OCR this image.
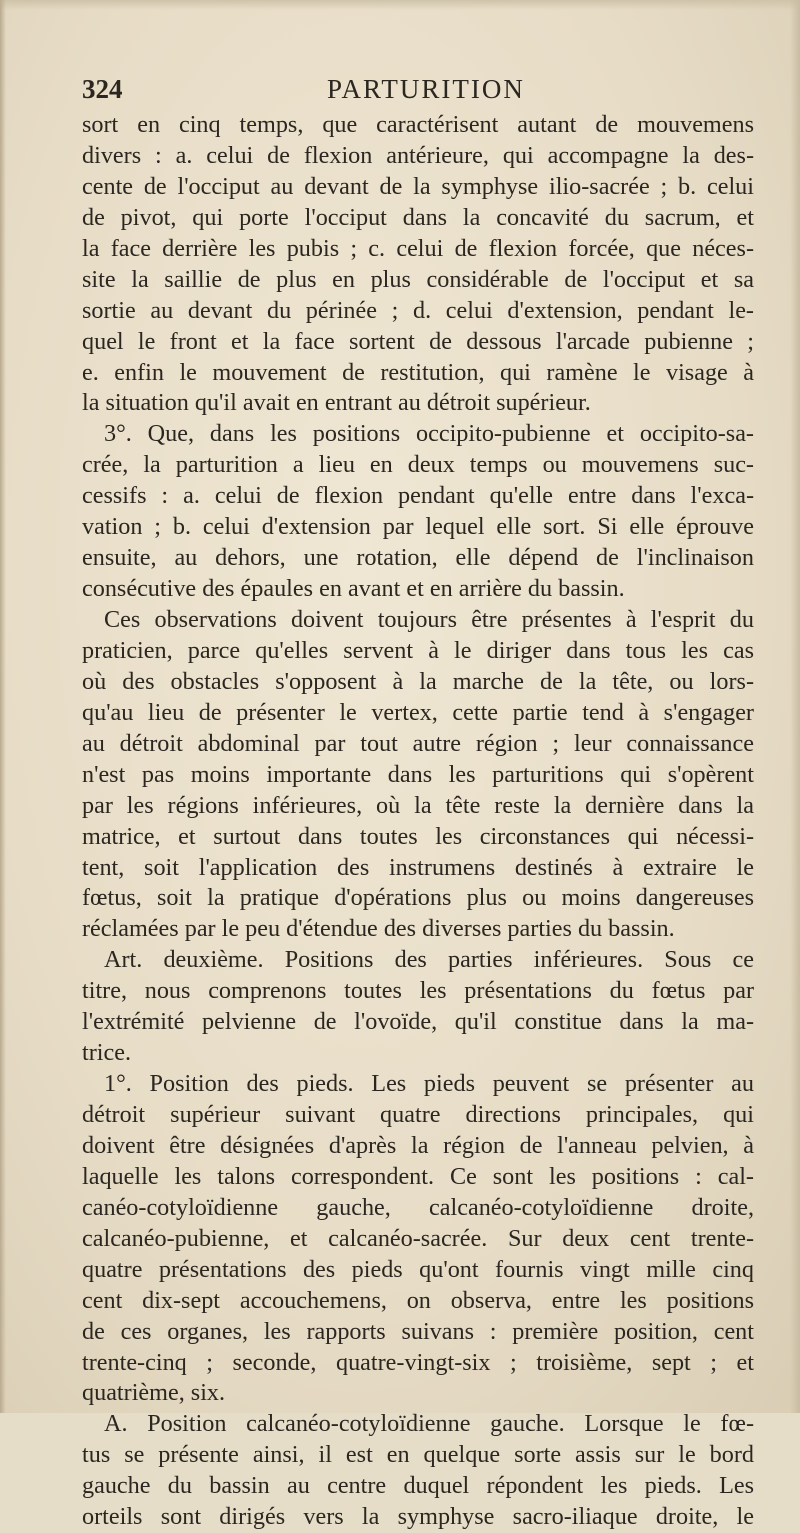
324	PARTURITION
sort en cinq temps, que caractérisent autant de mouvemens
divers : a. celui de flexion antérieure, qui accompagne la des-
cente de l'occiput au devant de la symphyse ilio-sacrée ; b. celui
de pivot, qui porte l'occiput dans la concavité du sacrum, et
la face derrière les pubis ; c. celui de flexion forcée, que néces-
site la saillie de plus en plus considérable de l'occiput et sa
sortie au devant du périnée ; d. celui d'extension, pendant le-
quel le front et la face sortent de dessous l'arcade pubienne ;
e. enfin le mouvement de restitution, qui ramène le visage à
la situation qu'il avait en entrant au détroit supérieur.
3°. Que, dans les positions occipito-pubienne et occipito-sa-
crée, la parturition a lieu en deux temps ou mouvemens suc-
cessifs : a. celui de flexion pendant qu'elle entre dans l'exca-
vation ; b. celui d'extension par lequel elle sort. Si elle éprouve
ensuite, au dehors, une rotation, elle dépend de l'inclinaison
consécutive des épaules en avant et en arrière du bassin.
Ces observations doivent toujours être présentes à l'esprit du
praticien, parce qu'elles servent à le diriger dans tous les cas
où des obstacles s'opposent à la marche de la tête, ou lors-
qu'au lieu de présenter le vertex, cette partie tend à s'engager
au détroit abdominal par tout autre région ; leur connaissance
n'est pas moins importante dans les parturitions qui s'opèrent
par les régions inférieures, où la tête reste la dernière dans la
matrice, et surtout dans toutes les circonstances qui nécessi-
tent, soit l'application des instrumens destinés à extraire le
fœtus, soit la pratique d'opérations plus ou moins dangereuses
réclamées par le peu d'étendue des diverses parties du bassin.
Art. deuxième. Positions des parties inférieures. Sous ce
titre, nous comprenons toutes les présentations du fœtus par
l'extrémité pelvienne de l'ovoïde, qu'il constitue dans la ma-
trice.
1°. Position des pieds. Les pieds peuvent se présenter au
détroit supérieur suivant quatre directions principales, qui
doivent être désignées d'après la région de l'anneau pelvien, à
laquelle les talons correspondent. Ce sont les positions : cal-
canéo-cotyloïdienne gauche, calcanéo-cotyloïdienne droite,
calcanéo-pubienne, et calcanéo-sacrée. Sur deux cent trente-
quatre présentations des pieds qu'ont fournis vingt mille cinq
cent dix-sept accouchemens, on observa, entre les positions
de ces organes, les rapports suivans : première position, cent
trente-cinq ; seconde, quatre-vingt-six ; troisième, sept ; et
quatrième, six.
A. Position calcanéo-cotyloïdienne gauche. Lorsque le fœ-
tus se présente ainsi, il est en quelque sorte assis sur le bord
gauche du bassin au centre duquel répondent les pieds. Les
orteils sont dirigés vers la symphyse sacro-iliaque droite, le
